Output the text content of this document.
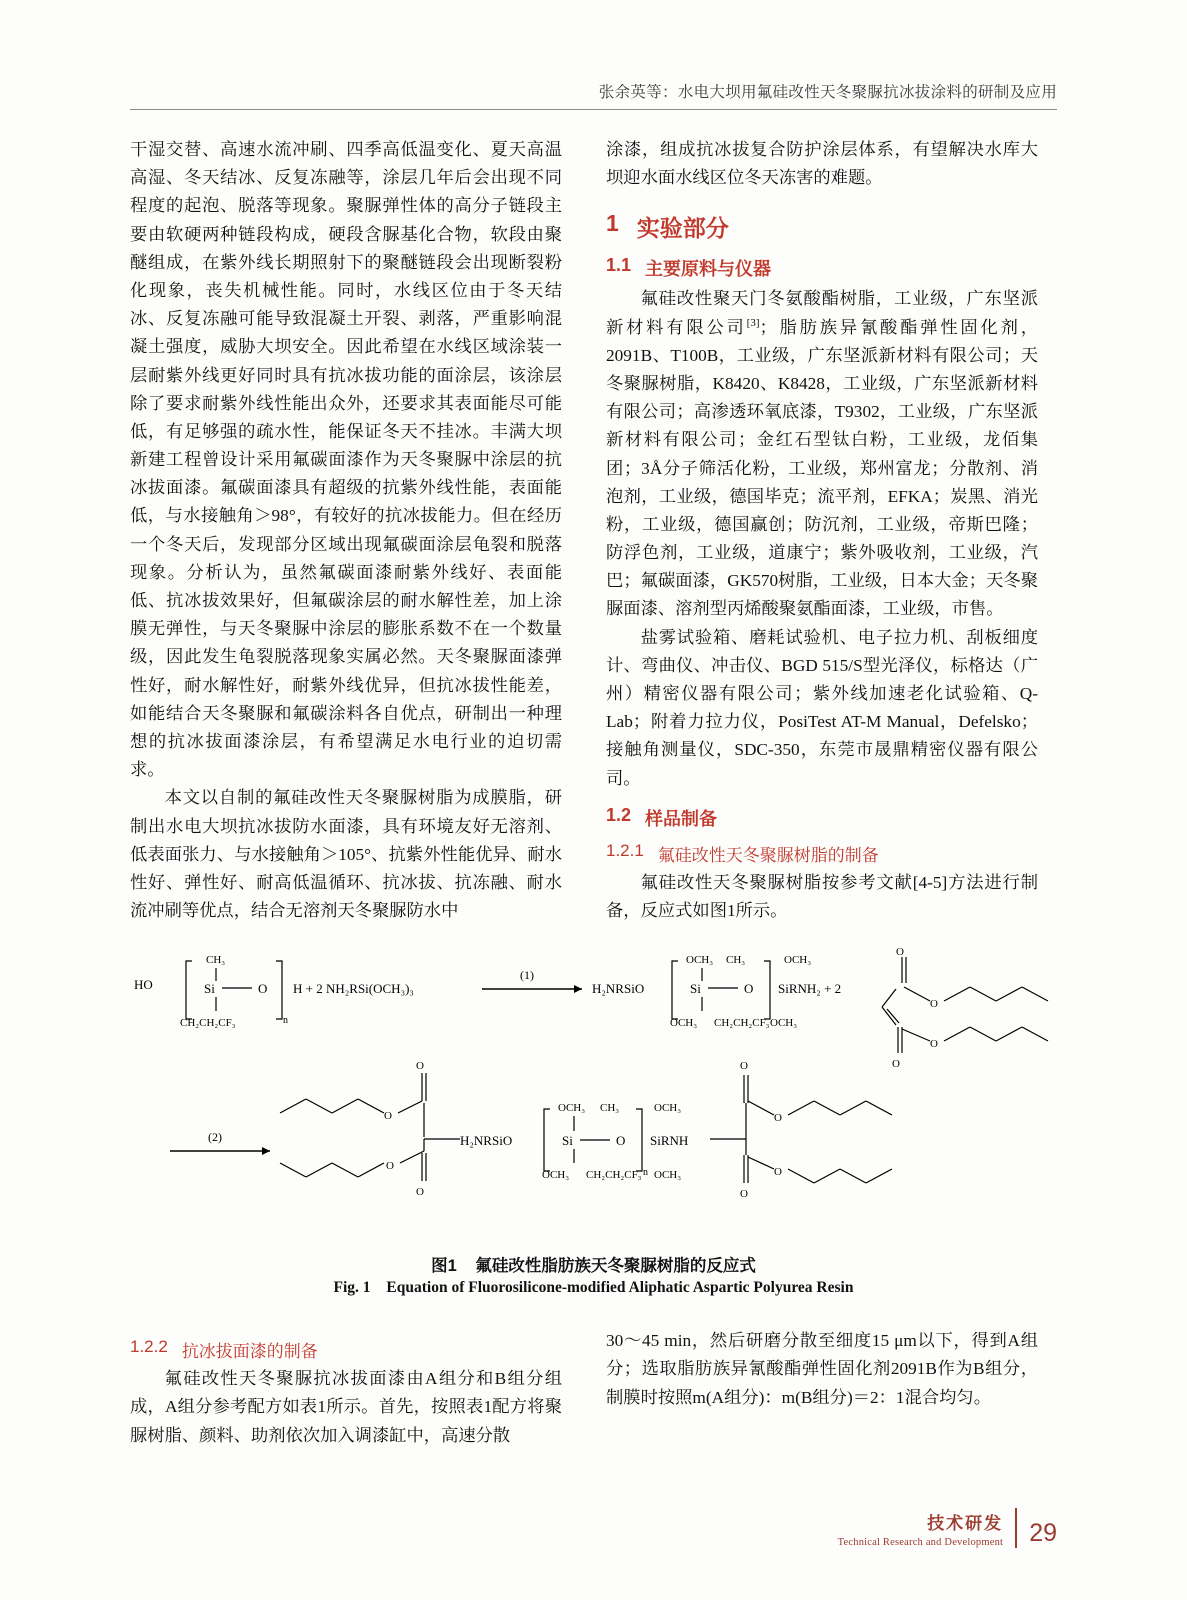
张余英等：水电大坝用氟硅改性天冬聚脲抗冰拔涂料的研制及应用

干湿交替、高速水流冲刷、四季高低温变化、夏天高温高湿、冬天结冰、反复冻融等，涂层几年后会出现不同程度的起泡、脱落等现象。聚脲弹性体的高分子链段主要由软硬两种链段构成，硬段含脲基化合物，软段由聚醚组成，在紫外线长期照射下的聚醚链段会出现断裂粉化现象，丧失机械性能。同时，水线区位由于冬天结冰、反复冻融可能导致混凝土开裂、剥落，严重影响混凝土强度，威胁大坝安全。因此希望在水线区域涂装一层耐紫外线更好同时具有抗冰拔功能的面涂层，该涂层除了要求耐紫外线性能出众外，还要求其表面能尽可能低，有足够强的疏水性，能保证冬天不挂冰。丰满大坝新建工程曾设计采用氟碳面漆作为天冬聚脲中涂层的抗冰拔面漆。氟碳面漆具有超级的抗紫外线性能，表面能低，与水接触角＞98°，有较好的抗冰拔能力。但在经历一个冬天后，发现部分区域出现氟碳面涂层龟裂和脱落现象。分析认为，虽然氟碳面漆耐紫外线好、表面能低、抗冰拔效果好，但氟碳涂层的耐水解性差，加上涂膜无弹性，与天冬聚脲中涂层的膨胀系数不在一个数量级，因此发生龟裂脱落现象实属必然。天冬聚脲面漆弹性好，耐水解性好，耐紫外线优异，但抗冰拔性能差，如能结合天冬聚脲和氟碳涂料各自优点，研制出一种理想的抗冰拔面漆涂层，有希望满足水电行业的迫切需求。

本文以自制的氟硅改性天冬聚脲树脂为成膜脂，研制出水电大坝抗冰拔防水面漆，具有环境友好无溶剂、低表面张力、与水接触角＞105°、抗紫外性能优异、耐水性好、弹性好、耐高低温循环、抗冰拔、抗冻融、耐水流冲刷等优点，结合无溶剂天冬聚脲防水中

涂漆，组成抗冰拔复合防护涂层体系，有望解决水库大坝迎水面水线区位冬天冻害的难题。

1 实验部分
1.1 主要原料与仪器

氟硅改性聚天门冬氨酸酯树脂，工业级，广东坚派新材料有限公司[3]；脂肪族异氰酸酯弹性固化剂，2091B、T100B，工业级，广东坚派新材料有限公司；天冬聚脲树脂，K8420、K8428，工业级，广东坚派新材料有限公司；高渗透环氧底漆，T9302，工业级，广东坚派新材料有限公司；金红石型钛白粉，工业级，龙佰集团；3Å分子筛活化粉，工业级，郑州富龙；分散剂、消泡剂，工业级，德国毕克；流平剂，EFKA；炭黑、消光粉，工业级，德国赢创；防沉剂，工业级，帝斯巴隆；防浮色剂，工业级，道康宁；紫外吸收剂，工业级，汽巴；氟碳面漆，GK570树脂，工业级，日本大金；天冬聚脲面漆、溶剂型丙烯酸聚氨酯面漆，工业级，市售。

盐雾试验箱、磨耗试验机、电子拉力机、刮板细度计、弯曲仪、冲击仪、BGD 515/S型光泽仪，标格达（广州）精密仪器有限公司；紫外线加速老化试验箱、Q-Lab；附着力拉力仪，PosiTest AT-M Manual，Defelsko；接触角测量仪，SDC-350，东莞市晟鼎精密仪器有限公司。

1.2 样品制备
1.2.1 氟硅改性天冬聚脲树脂的制备

氟硅改性天冬聚脲树脂按参考文献[4-5]方法进行制备，反应式如图1所示。

HO
CH₃
Si	O
CH₂CH₂CF₃	n
H + 2 NH₂RSi(OCH₃)₃
(1)
H₂NRSiO
OCH₃ CH₃
Si	O
OCH₃ CH₂CH₂CF₃
OCH₃
SiRNH₂ + 2
OCH₃
O
O
O
O
(2)
O
O
O
O
H₂NRSiO
OCH₃ CH₃
Si	O
OCH₃ CH₂CH₂CF₃ n
OCH₃
SiRNH
OCH₃
O
O
O
O
图1 氟硅改性脂肪族天冬聚脲树脂的反应式
Fig. 1 Equation of Fluorosilicone-modified Aliphatic Aspartic Polyurea Resin
1.2.2 抗冰拔面漆的制备

氟硅改性天冬聚脲抗冰拔面漆由A组分和B组分组成，A组分参考配方如表1所示。首先，按照表1配方将聚脲树脂、颜料、助剂依次加入调漆缸中，高速分散

30～45 min，然后研磨分散至细度15 μm以下，得到A组分；选取脂肪族异氰酸酯弹性固化剂2091B作为B组分，制膜时按照m(A组分)：m(B组分)＝2：1混合均匀。

技术研发
Technical Research and Development 29
